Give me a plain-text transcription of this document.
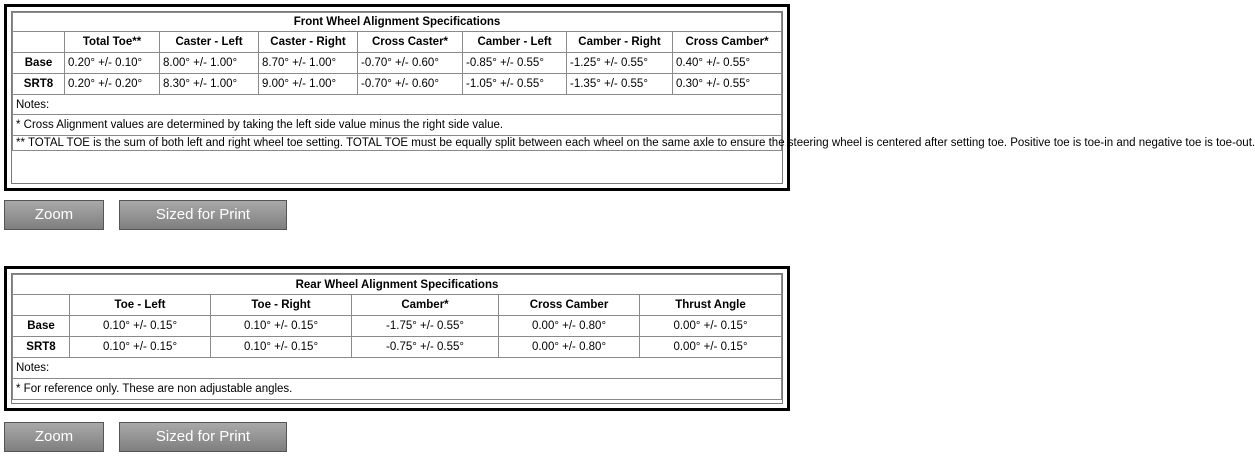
Front Wheel Alignment Specifications							
	Total Toe**	Caster - Left	Caster - Right	Cross Caster*	Camber - Left	Camber - Right	Cross Camber*
Base	0.20° +/- 0.10°	8.00° +/- 1.00°	8.70° +/- 1.00°	-0.70° +/- 0.60°	-0.85° +/- 0.55°	-1.25° +/- 0.55°	0.40° +/- 0.55°
SRT8	0.20° +/- 0.20°	8.30° +/- 1.00°	9.00° +/- 1.00°	-0.70° +/- 0.60°	-1.05° +/- 0.55°	-1.35° +/- 0.55°	0.30° +/- 0.55°
Notes:							
* Cross Alignment values are determined by taking the left side value minus the right side value.							
** TOTAL TOE is the sum of both left and right wheel toe setting. TOTAL TOE must be equally split between each wheel on the same axle to ensure the steering wheel is centered after setting toe. Positive toe is toe-in and negative toe is toe-out.							
Zoom	Sized for Print
Rear Wheel Alignment Specifications					
	Toe - Left	Toe - Right	Camber*	Cross Camber	Thrust Angle
Base	0.10° +/- 0.15°	0.10° +/- 0.15°	-1.75° +/- 0.55°	0.00° +/- 0.80°	0.00° +/- 0.15°
SRT8	0.10° +/- 0.15°	0.10° +/- 0.15°	-0.75° +/- 0.55°	0.00° +/- 0.80°	0.00° +/- 0.15°
Notes:					
* For reference only. These are non adjustable angles.					
Zoom	Sized for Print
